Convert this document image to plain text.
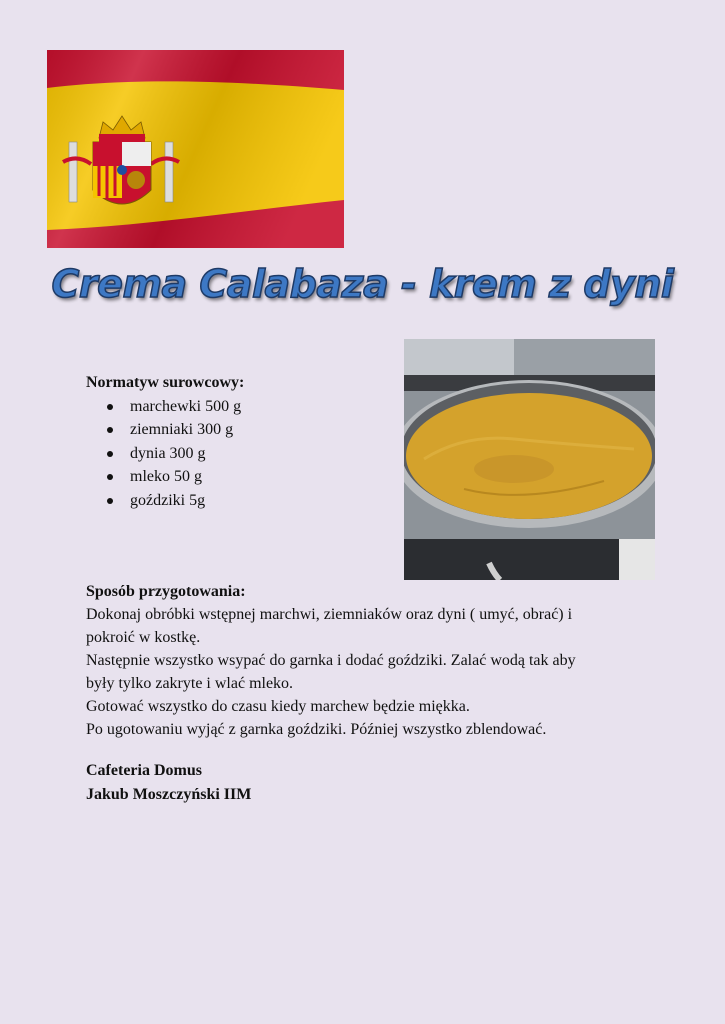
Crema Calabaza - krem z dyni
Normatyw surowcowy:
marchewki 500 g
ziemniaki 300 g
dynia 300 g
mleko 50 g
goździki 5g

Sposób przygotowania:

Dokonaj obróbki wstępnej marchwi, ziemniaków oraz dyni ( umyć, obrać) i

pokroić w kostkę.

Następnie wszystko wsypać do garnka i dodać goździki. Zalać wodą tak aby

były tylko zakryte i wlać mleko.

Gotować wszystko do czasu kiedy marchew będzie miękka.

Po ugotowaniu wyjąć z garnka goździki. Później wszystko zblendować.

Cafeteria Domus
Jakub Moszczyński IIM
